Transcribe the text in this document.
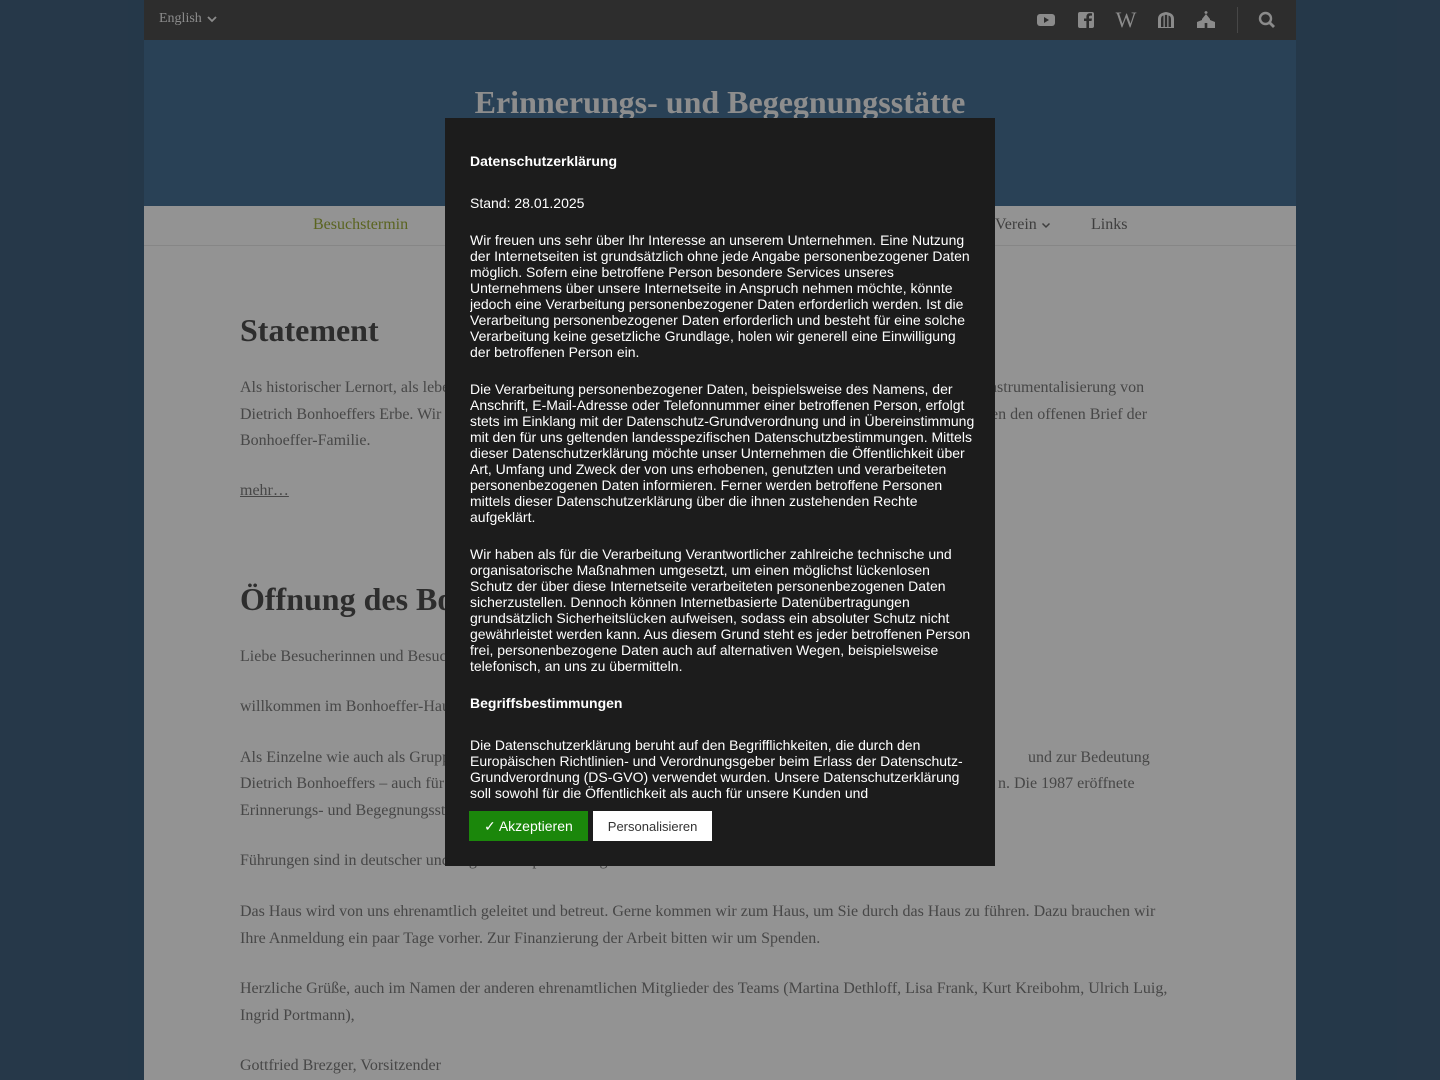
Datenschutzerklärung
Stand: 28.01.2025

Wir freuen uns sehr über Ihr Interesse an unserem Unternehmen. Eine Nutzung der Internetseiten ist grundsätzlich ohne jede Angabe personenbezogener Daten möglich. Sofern eine betroffene Person besondere Services unseres Unternehmens über unsere Internetseite in Anspruch nehmen möchte, könnte jedoch eine Verarbeitung personenbezogener Daten erforderlich werden. Ist die Verarbeitung personenbezogener Daten erforderlich und besteht für eine solche Verarbeitung keine gesetzliche Grundlage, holen wir generell eine Einwilligung der betroffenen Person ein.

Die Verarbeitung personenbezogener Daten, beispielsweise des Namens, der Anschrift, E-Mail-Adresse oder Telefonnummer einer betroffenen Person, erfolgt stets im Einklang mit der Datenschutz-Grundverordnung und in Übereinstimmung mit den für uns geltenden landesspezifischen Datenschutzbestimmungen. Mittels dieser Datenschutzerklärung möchte unser Unternehmen die Öffentlichkeit über Art, Umfang und Zweck der von uns erhobenen, genutzten und verarbeiteten personenbezogenen Daten informieren. Ferner werden betroffene Personen mittels dieser Datenschutzerklärung über die ihnen zustehenden Rechte aufgeklärt.

Wir haben als für die Verarbeitung Verantwortlicher zahlreiche technische und organisatorische Maßnahmen umgesetzt, um einen möglichst lückenlosen Schutz der über diese Internetseite verarbeiteten personenbezogenen Daten sicherzustellen. Dennoch können Internetbasierte Datenübertragungen grundsätzlich Sicherheitslücken aufweisen, sodass ein absoluter Schutz nicht gewährleistet werden kann. Aus diesem Grund steht es jeder betroffenen Person frei, personenbezogene Daten auch auf alternativen Wegen, beispielsweise telefonisch, an uns zu übermitteln.

Begriffsbestimmungen

Die Datenschutzerklärung beruht auf den Begrifflichkeiten, die durch den Europäischen Richtlinien- und Verordnungsgeber beim Erlass der Datenschutz-Grundverordnung (DS-GVO) verwendet wurden. Unsere Datenschutzerklärung soll sowohl für die Öffentlichkeit als auch für unsere Kunden und

✓ Akzeptieren	Personalisieren
